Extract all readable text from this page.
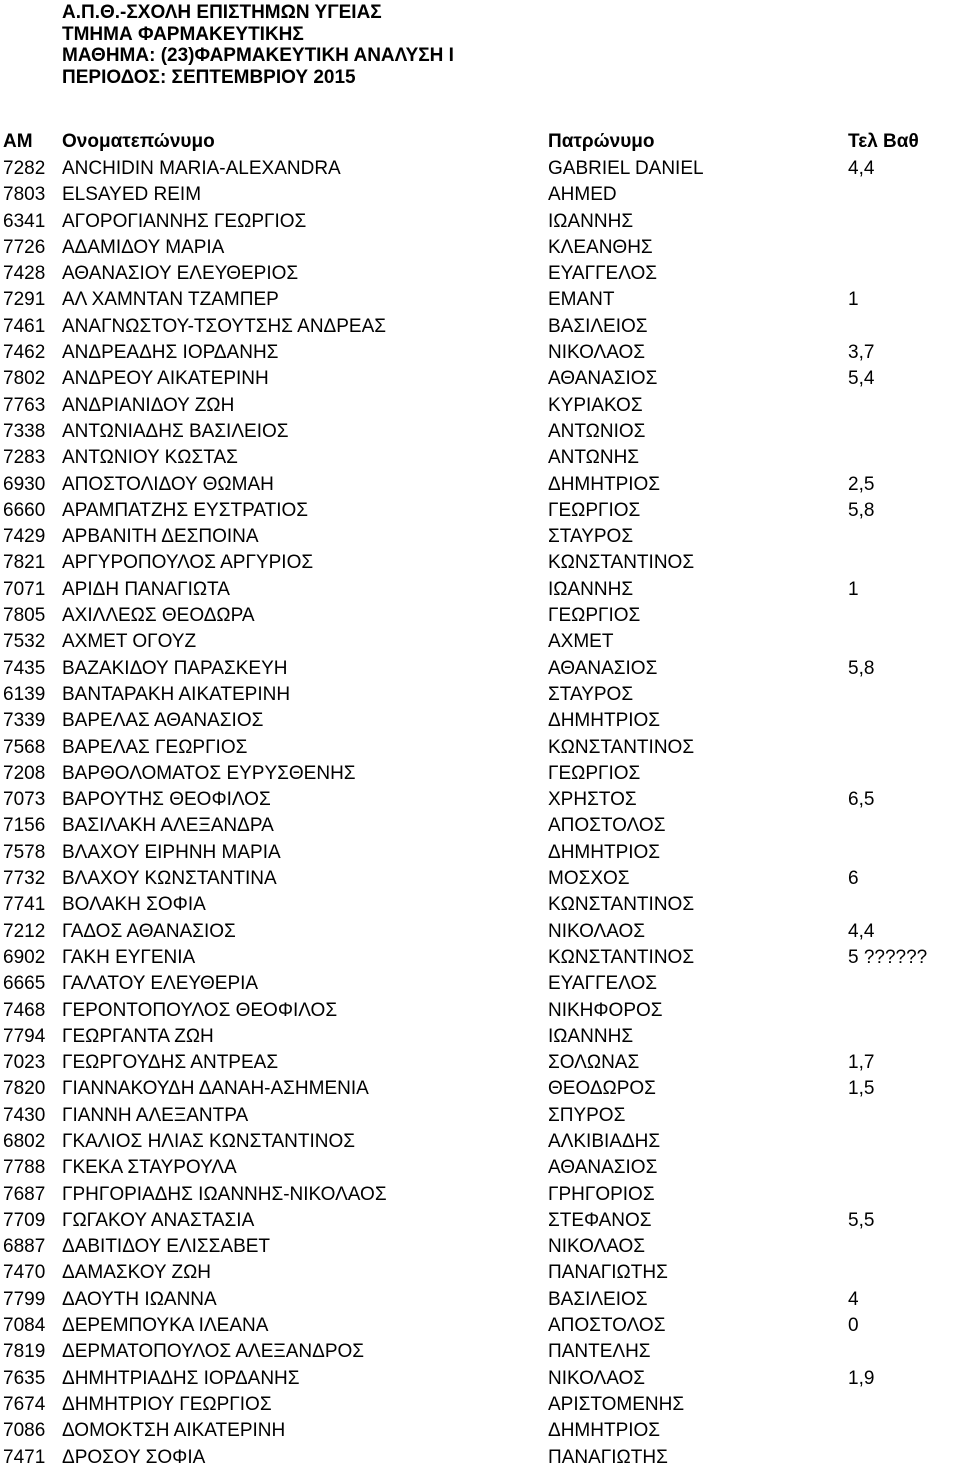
Α.Π.Θ.-ΣΧΟΛΗ ΕΠΙΣΤΗΜΩΝ ΥΓΕΙΑΣ
ΤΜΗΜΑ ΦΑΡΜΑΚΕΥΤΙΚΗΣ
ΜΑΘΗΜΑ: (23)ΦΑΡΜΑΚΕΥΤΙΚΗ ΑΝΑΛΥΣΗ Ι
ΠΕΡΙΟΔΟΣ: ΣΕΠΤΕΜΒΡΙΟΥ 2015
ΑΜ Ονοματεπώνυμο	Πατρώνυμο	Τελ Βαθ
7282 ANCHIDIN MARIA-ALEXANDRA	GABRIEL DANIEL	4,4
7803 ELSAYED REIM	AHMED
6341 ΑΓΟΡΟΓΙΑΝΝΗΣ ΓΕΩΡΓΙΟΣ	ΙΩΑΝΝΗΣ
7726 ΑΔΑΜΙΔΟΥ ΜΑΡΙΑ	ΚΛΕΑΝΘΗΣ
7428 ΑΘΑΝΑΣΙΟΥ ΕΛΕΥΘΕΡΙΟΣ	ΕΥΑΓΓΕΛΟΣ
7291 ΑΛ ΧΑΜΝΤΑΝ ΤΖΑΜΠΕΡ	ΕΜΑΝΤ	1
7461 ΑΝΑΓΝΩΣΤΟΥ-ΤΣΟΥΤΣΗΣ ΑΝΔΡΕΑΣ	ΒΑΣΙΛΕΙΟΣ
7462 ΑΝΔΡΕΑΔΗΣ ΙΟΡΔΑΝΗΣ	ΝΙΚΟΛΑΟΣ	3,7
7802 ΑΝΔΡΕΟΥ ΑΙΚΑΤΕΡΙΝΗ	ΑΘΑΝΑΣΙΟΣ	5,4
7763 ΑΝΔΡΙΑΝΙΔΟΥ ΖΩΗ	ΚΥΡΙΑΚΟΣ
7338 ΑΝΤΩΝΙΑΔΗΣ ΒΑΣΙΛΕΙΟΣ	ΑΝΤΩΝΙΟΣ
7283 ΑΝΤΩΝΙΟΥ ΚΩΣΤΑΣ	ΑΝΤΩΝΗΣ
6930 ΑΠΟΣΤΟΛΙΔΟΥ ΘΩΜΑΗ	ΔΗΜΗΤΡΙΟΣ	2,5
6660 ΑΡΑΜΠΑΤΖΗΣ ΕΥΣΤΡΑΤΙΟΣ	ΓΕΩΡΓΙΟΣ	5,8
7429 ΑΡΒΑΝΙΤΗ ΔΕΣΠΟΙΝΑ	ΣΤΑΥΡΟΣ
7821 ΑΡΓΥΡΟΠΟΥΛΟΣ ΑΡΓΥΡΙΟΣ	ΚΩΝΣΤΑΝΤΙΝΟΣ
7071 ΑΡΙΔΗ ΠΑΝΑΓΙΩΤΑ	ΙΩΑΝΝΗΣ	1
7805 ΑΧΙΛΛΕΩΣ ΘΕΟΔΩΡΑ	ΓΕΩΡΓΙΟΣ
7532 ΑΧΜΕΤ ΟΓΟΥΖ	ΑΧΜΕΤ
7435 ΒΑΖΑΚΙΔΟΥ ΠΑΡΑΣΚΕΥΗ	ΑΘΑΝΑΣΙΟΣ	5,8
6139 ΒΑΝΤΑΡΑΚΗ ΑΙΚΑΤΕΡΙΝΗ	ΣΤΑΥΡΟΣ
7339 ΒΑΡΕΛΑΣ ΑΘΑΝΑΣΙΟΣ	ΔΗΜΗΤΡΙΟΣ
7568 ΒΑΡΕΛΑΣ ΓΕΩΡΓΙΟΣ	ΚΩΝΣΤΑΝΤΙΝΟΣ
7208 ΒΑΡΘΟΛΟΜΑΤΟΣ ΕΥΡΥΣΘΕΝΗΣ	ΓΕΩΡΓΙΟΣ
7073 ΒΑΡΟΥΤΗΣ ΘΕΟΦΙΛΟΣ	ΧΡΗΣΤΟΣ	6,5
7156 ΒΑΣΙΛΑΚΗ ΑΛΕΞΑΝΔΡΑ	ΑΠΟΣΤΟΛΟΣ
7578 ΒΛΑΧΟΥ ΕΙΡΗΝΗ ΜΑΡΙΑ	ΔΗΜΗΤΡΙΟΣ
7732 ΒΛΑΧΟΥ ΚΩΝΣΤΑΝΤΙΝΑ	ΜΟΣΧΟΣ	6
7741 ΒΟΛΑΚΗ ΣΟΦΙΑ	ΚΩΝΣΤΑΝΤΙΝΟΣ
7212 ΓΑΔΟΣ ΑΘΑΝΑΣΙΟΣ	ΝΙΚΟΛΑΟΣ	4,4
6902 ΓΑΚΗ ΕΥΓΕΝΙΑ	ΚΩΝΣΤΑΝΤΙΝΟΣ	5 ??????
6665 ΓΑΛΑΤΟΥ ΕΛΕΥΘΕΡΙΑ	ΕΥΑΓΓΕΛΟΣ
7468 ΓΕΡΟΝΤΟΠΟΥΛΟΣ ΘΕΟΦΙΛΟΣ	ΝΙΚΗΦΟΡΟΣ
7794 ΓΕΩΡΓΑΝΤΑ ΖΩΗ	ΙΩΑΝΝΗΣ
7023 ΓΕΩΡΓΟΥΔΗΣ ΑΝΤΡΕΑΣ	ΣΟΛΩΝΑΣ	1,7
7820 ΓΙΑΝΝΑΚΟΥΔΗ ΔΑΝΑΗ-ΑΣΗΜΕΝΙΑ	ΘΕΟΔΩΡΟΣ	1,5
7430 ΓΙΑΝΝΗ ΑΛΕΞΑΝΤΡΑ	ΣΠΥΡΟΣ
6802 ΓΚΑΛΙΟΣ ΗΛΙΑΣ ΚΩΝΣΤΑΝΤΙΝΟΣ	ΑΛΚΙΒΙΑΔΗΣ
7788 ΓΚΕΚΑ ΣΤΑΥΡΟΥΛΑ	ΑΘΑΝΑΣΙΟΣ
7687 ΓΡΗΓΟΡΙΑΔΗΣ ΙΩΑΝΝΗΣ-ΝΙΚΟΛΑΟΣ	ΓΡΗΓΟΡΙΟΣ
7709 ΓΩΓΑΚΟΥ ΑΝΑΣΤΑΣΙΑ	ΣΤΕΦΑΝΟΣ	5,5
6887 ΔΑΒΙΤΙΔΟΥ ΕΛΙΣΣΑΒΕΤ	ΝΙΚΟΛΑΟΣ
7470 ΔΑΜΑΣΚΟΥ ΖΩΗ	ΠΑΝΑΓΙΩΤΗΣ
7799 ΔΑΟΥΤΗ ΙΩΑΝΝΑ	ΒΑΣΙΛΕΙΟΣ	4
7084 ΔΕΡΕΜΠΟΥΚΑ ΙΛΕΑΝΑ	ΑΠΟΣΤΟΛΟΣ	0
7819 ΔΕΡΜΑΤΟΠΟΥΛΟΣ ΑΛΕΞΑΝΔΡΟΣ	ΠΑΝΤΕΛΗΣ
7635 ΔΗΜΗΤΡΙΑΔΗΣ ΙΟΡΔΑΝΗΣ	ΝΙΚΟΛΑΟΣ	1,9
7674 ΔΗΜΗΤΡΙΟΥ ΓΕΩΡΓΙΟΣ	ΑΡΙΣΤΟΜΕΝΗΣ
7086 ΔΟΜΟΚΤΣΗ ΑΙΚΑΤΕΡΙΝΗ	ΔΗΜΗΤΡΙΟΣ
7471 ΔΡΟΣΟΥ ΣΟΦΙΑ	ΠΑΝΑΓΙΩΤΗΣ
